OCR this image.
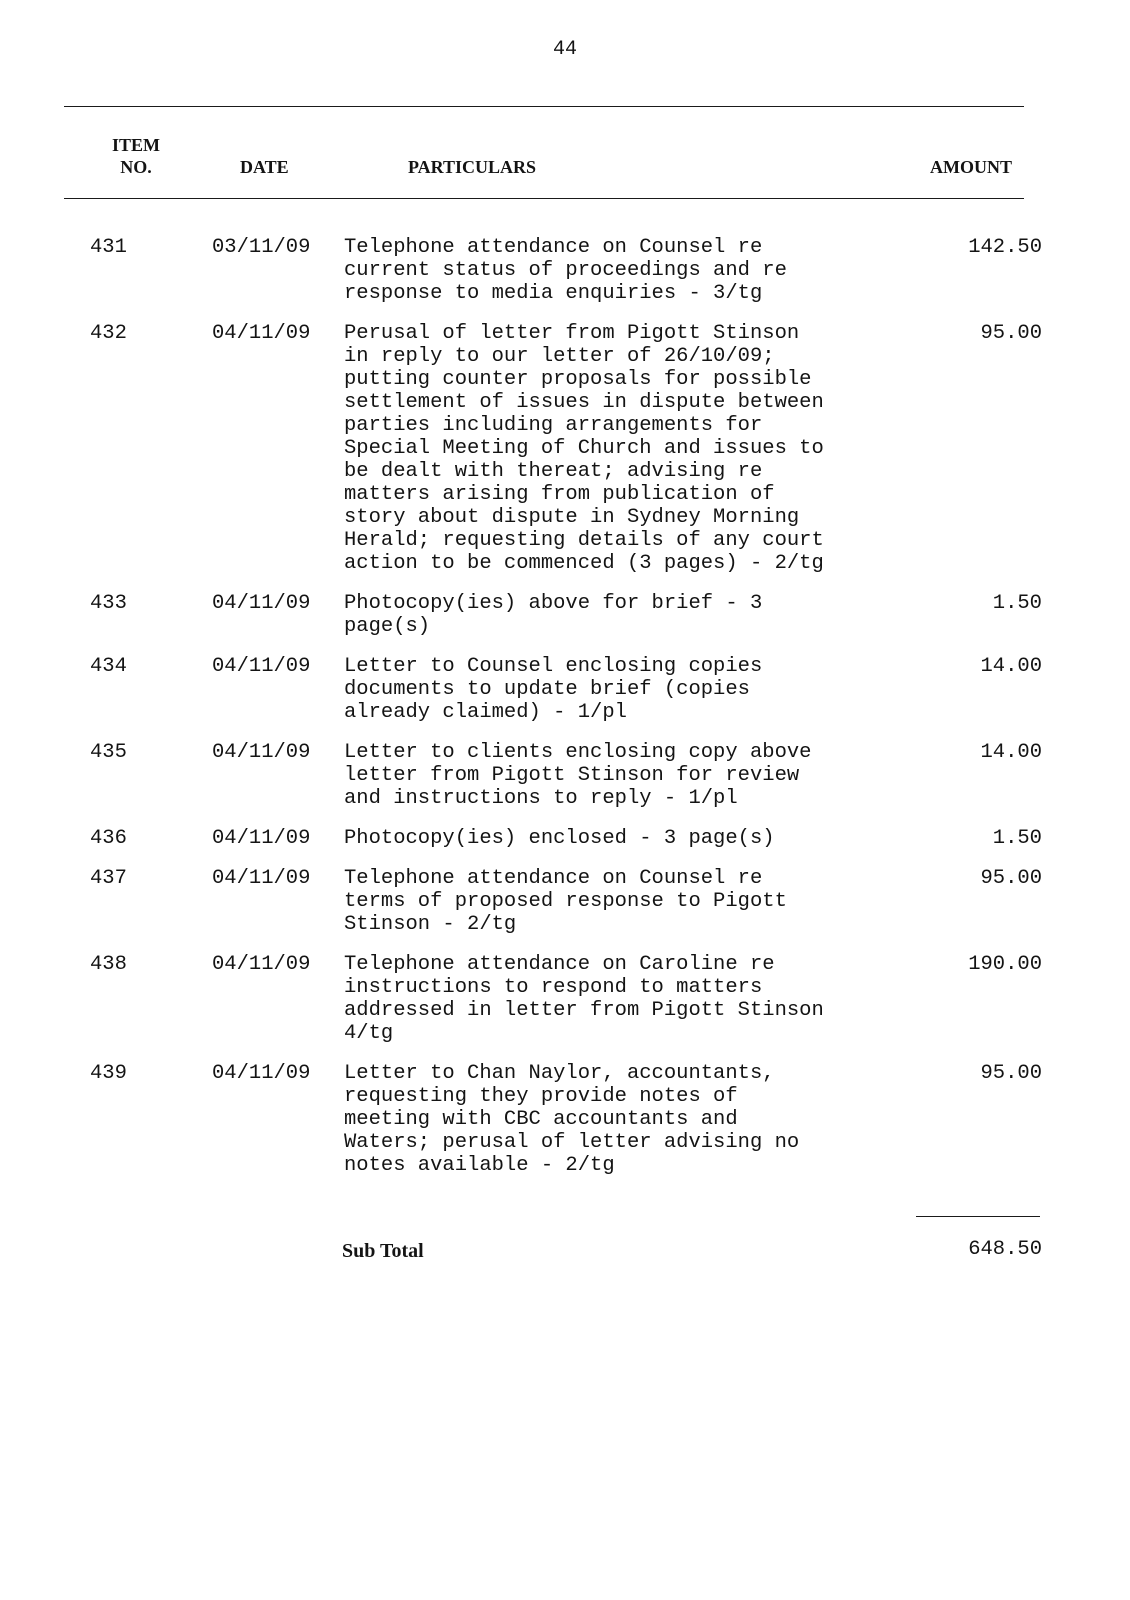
44
ITEM
NO.	DATE	PARTICULARS	AMOUNT
431	03/11/09 Telephone attendance on Counsel re
current status of proceedings and re
response to media enquiries - 3/tg
142.50
432	04/11/09 Perusal of letter from Pigott Stinson
in reply to our letter of 26/10/09;
putting counter proposals for possible
settlement of issues in dispute between
parties including arrangements for
Special Meeting of Church and issues to
be dealt with thereat; advising re
matters arising from publication of
story about dispute in Sydney Morning
Herald; requesting details of any court
action to be commenced (3 pages) - 2/tg
95.00
433	04/11/09 Photocopy(ies) above for brief - 3
page(s)
1.50
434	04/11/09 Letter to Counsel enclosing copies
documents to update brief (copies
already claimed) - 1/pl
14.00
435	04/11/09 Letter to clients enclosing copy above
letter from Pigott Stinson for review
and instructions to reply - 1/pl
14.00
436	04/11/09 Photocopy(ies) enclosed - 3 page(s)	1.50
437	04/11/09 Telephone attendance on Counsel re
terms of proposed response to Pigott
Stinson - 2/tg
95.00
438	04/11/09 Telephone attendance on Caroline re
instructions to respond to matters
addressed in letter from Pigott Stinson
4/tg
190.00
439	04/11/09 Letter to Chan Naylor, accountants,
requesting they provide notes of
meeting with CBC accountants and
Waters; perusal of letter advising no
notes available - 2/tg
95.00
Sub Total	648.50
